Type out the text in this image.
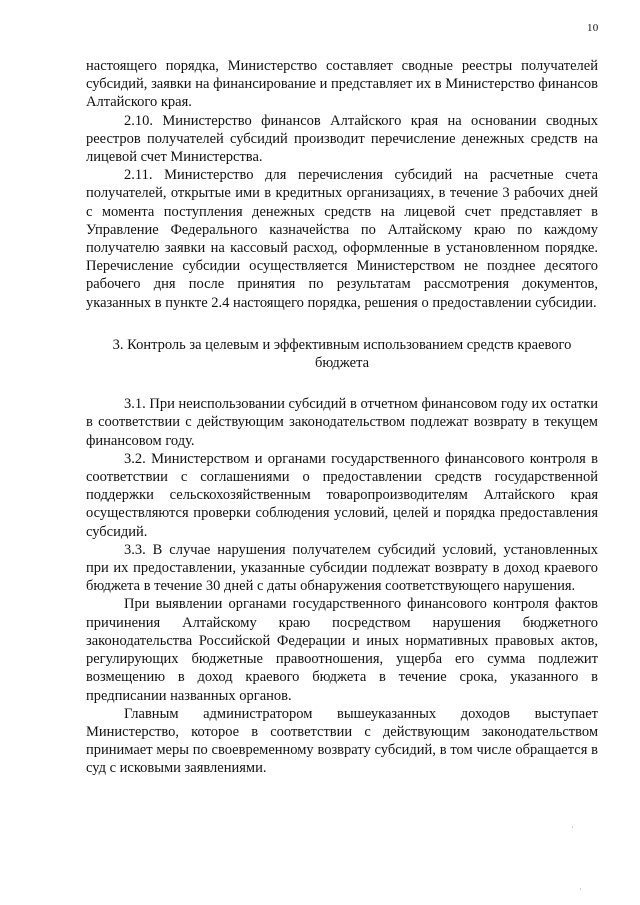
10

настоящего порядка, Министерство составляет сводные реестры получателей субсидий, заявки на финансирование и представляет их в Министерство финансов Алтайского края.

2.10. Министерство финансов Алтайского края на основании сводных реестров получателей субсидий производит перечисление денежных средств на лицевой счет Министерства.

2.11. Министерство для перечисления субсидий на расчетные счета получателей, открытые ими в кредитных организациях, в течение 3 рабочих дней с момента поступления денежных средств на лицевой счет представляет в Управление Федерального казначейства по Алтайскому краю по каждому получателю заявки на кассовый расход, оформленные в установленном порядке. Перечисление субсидии осуществляется Министерством не позднее десятого рабочего дня после принятия по результатам рассмотрения документов, указанных в пункте 2.4 настоящего порядка, решения о предоставлении субсидии.

3. Контроль за целевым и эффективным использованием средств краевого бюджета

3.1. При неиспользовании субсидий в отчетном финансовом году их остатки в соответствии с действующим законодательством подлежат возврату в текущем финансовом году.

3.2. Министерством и органами государственного финансового контроля в соответствии с соглашениями о предоставлении средств государственной поддержки сельскохозяйственным товаропроизводителям Алтайского края осуществляются проверки соблюдения условий, целей и порядка предоставления субсидий.

3.3. В случае нарушения получателем субсидий условий, установленных при их предоставлении, указанные субсидии подлежат возврату в доход краевого бюджета в течение 30 дней с даты обнаружения соответствующего нарушения.

При выявлении органами государственного финансового контроля фактов причинения Алтайскому краю посредством нарушения бюджетного законодательства Российской Федерации и иных нормативных правовых актов, регулирующих бюджетные правоотношения, ущерба его сумма подлежит возмещению в доход краевого бюджета в течение срока, указанного в предписании названных органов.

Главным администратором вышеуказанных доходов выступает Министерство, которое в соответствии с действующим законодательством принимает меры по своевременному возврату субсидий, в том числе обращается в суд с исковыми заявлениями.
